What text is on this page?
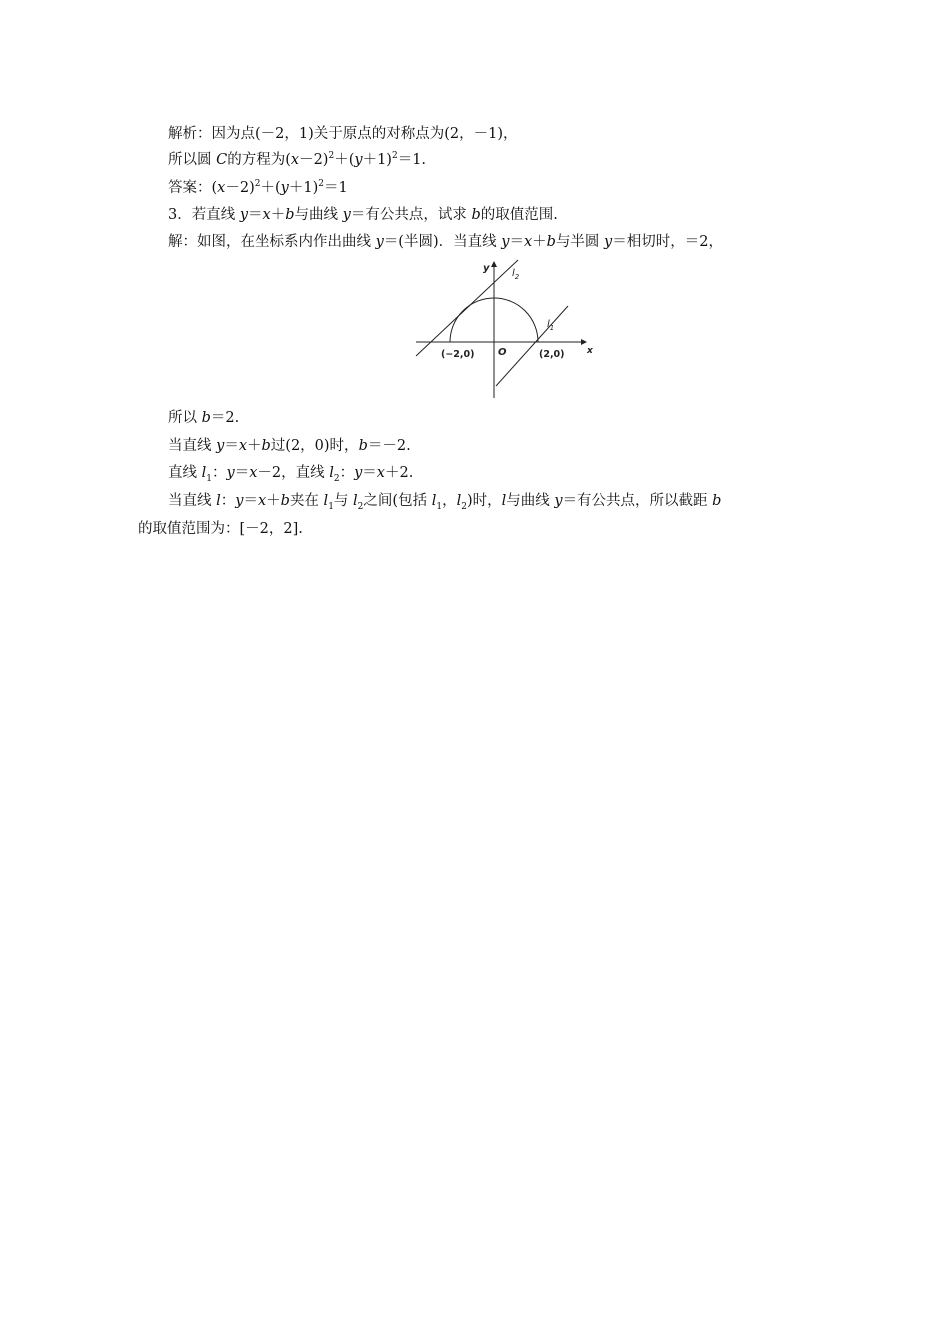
解析：因为点(－2，1)关于原点的对称点为(2，－1)，
所以圆 C的方程为$(x-2)^2+(y+1)^2=1$.
答案：$(x-2)^2+(y+1)^2=1$
3．若直线 y＝x＋b与曲线 y＝有公共点，试求 b的取值范围.
解：如图，在坐标系内作出曲线 y＝(半圆)．当直线 y＝x＋b与半圆 y＝相切时，＝2，
y
x
$l_2$
$l_1$
O
(−2,0)	(2,0)
所以 b＝2.
当直线 y＝x＋b过(2，0)时，b＝－2.
直线 $l_1$：y＝x－2，直线 $l_2$：y＝x＋2.
当直线 l：y＝x＋b夹在 $l_1$与 $l_2$之间(包括 $l_1$，$l_2$)时，l与曲线 y＝有公共点，所以截距 b
的取值范围为：[－2，2].
